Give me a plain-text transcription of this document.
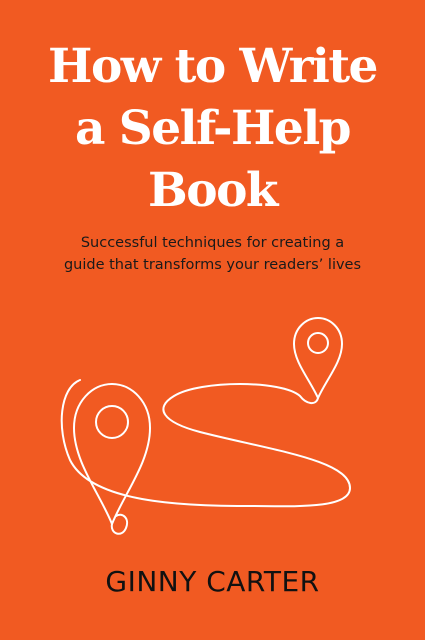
How to Write
a Self-Help
Book
Successful techniques for creating a
guide that transforms your readers’ lives
GINNY CARTER
